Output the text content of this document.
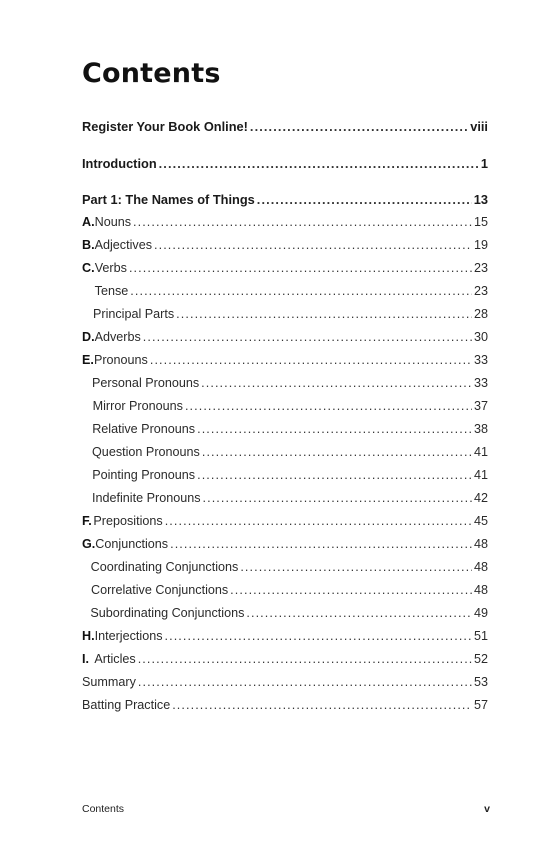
Contents
Register Your Book Online! .....	viii
Introduction .....	1
Part 1: The Names of Things .....	13
A. Nouns .....	15
B. Adjectives .....	19
C. Verbs .....	23
Tense .....	23
Principal Parts .....	28
D. Adverbs .....	30
E. Pronouns .....	33
Personal Pronouns .....	33
Mirror Pronouns .....	37
Relative Pronouns .....	38
Question Pronouns .....	41
Pointing Pronouns .....	41
Indefinite Pronouns .....	42
F. Prepositions .....	45
G. Conjunctions .....	48
Coordinating Conjunctions .....	48
Correlative Conjunctions .....	48
Subordinating Conjunctions .....	49
H. Interjections .....	51
I. Articles .....	52
Summary .....	53
Batting Practice .....	57
Contents	v
